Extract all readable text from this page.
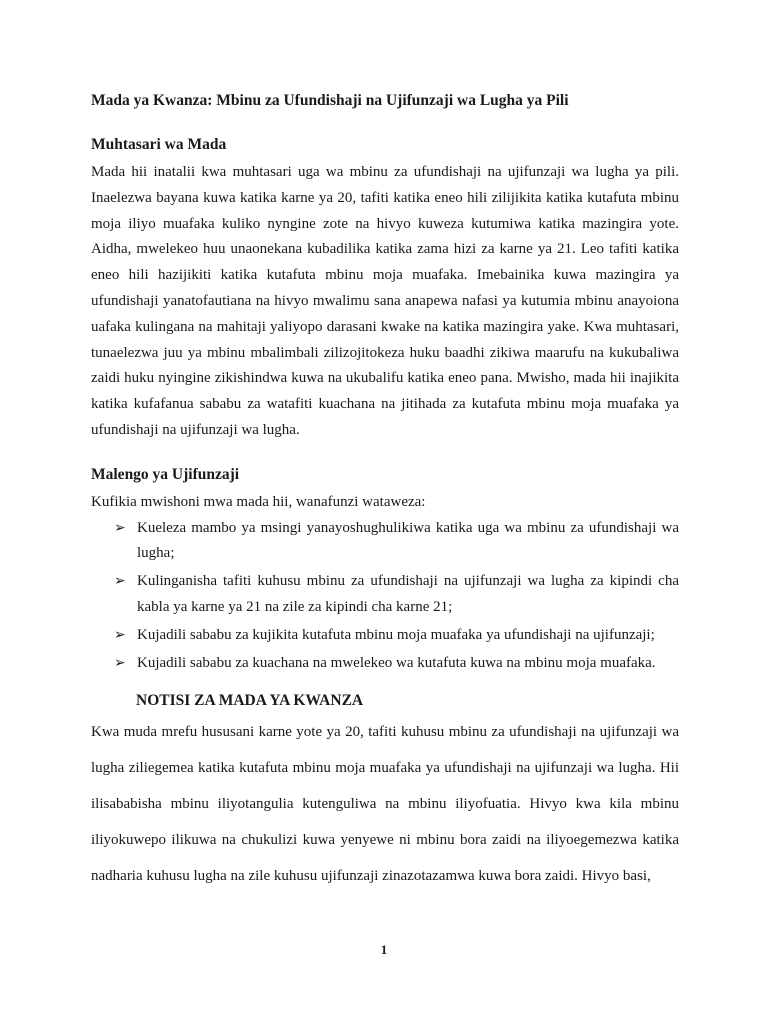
Mada ya Kwanza: Mbinu za Ufundishaji na Ujifunzaji wa Lugha ya Pili
Muhtasari wa Mada

Mada hii inatalii kwa muhtasari uga wa mbinu za ufundishaji na ujifunzaji wa lugha ya pili. Inaelezwa bayana kuwa katika karne ya 20, tafiti katika eneo hili zilijikita katika kutafuta mbinu moja iliyo muafaka kuliko nyngine zote na hivyo kuweza kutumiwa katika mazingira yote. Aidha, mwelekeo huu unaonekana kubadilika katika zama hizi za karne ya 21. Leo tafiti katika eneo hili hazijikiti katika kutafuta mbinu moja muafaka. Imebainika kuwa mazingira ya ufundishaji yanatofautiana na hivyo mwalimu sana anapewa nafasi ya kutumia mbinu anayoiona uafaka kulingana na mahitaji yaliyopo darasani kwake na katika mazingira yake. Kwa muhtasari, tunaelezwa juu ya mbinu mbalimbali zilizojitokeza huku baadhi zikiwa maarufu na kukubaliwa zaidi huku nyingine zikishindwa kuwa na ukubalifu katika eneo pana. Mwisho, mada hii inajikita katika kufafanua sababu za watafiti kuachana na jitihada za kutafuta mbinu moja muafaka ya ufundishaji na ujifunzaji wa lugha.

Malengo ya Ujifunzaji

Kufikia mwishoni mwa mada hii, wanafunzi wataweza:

➢ Kueleza mambo ya msingi yanayoshughulikiwa katika uga wa mbinu za ufundishaji wa lugha;
➢ Kulinganisha tafiti kuhusu mbinu za ufundishaji na ujifunzaji wa lugha za kipindi cha kabla ya karne ya 21 na zile za kipindi cha karne 21;
➢ Kujadili sababu za kujikita kutafuta mbinu moja muafaka ya ufundishaji na ujifunzaji;
➢ Kujadili sababu za kuachana na mwelekeo wa kutafuta kuwa na mbinu moja muafaka.
NOTISI ZA MADA YA KWANZA

Kwa muda mrefu hususani karne yote ya 20, tafiti kuhusu mbinu za ufundishaji na ujifunzaji wa lugha ziliegemea katika kutafuta mbinu moja muafaka ya ufundishaji na ujifunzaji wa lugha. Hii ilisababisha mbinu iliyotangulia kutenguliwa na mbinu iliyofuatia. Hivyo kwa kila mbinu iliyokuwepo ilikuwa na chukulizi kuwa yenyewe ni mbinu bora zaidi na iliyoegemezwa katika nadharia kuhusu lugha na zile kuhusu ujifunzaji zinazotazamwa kuwa bora zaidi. Hivyo basi,

1
